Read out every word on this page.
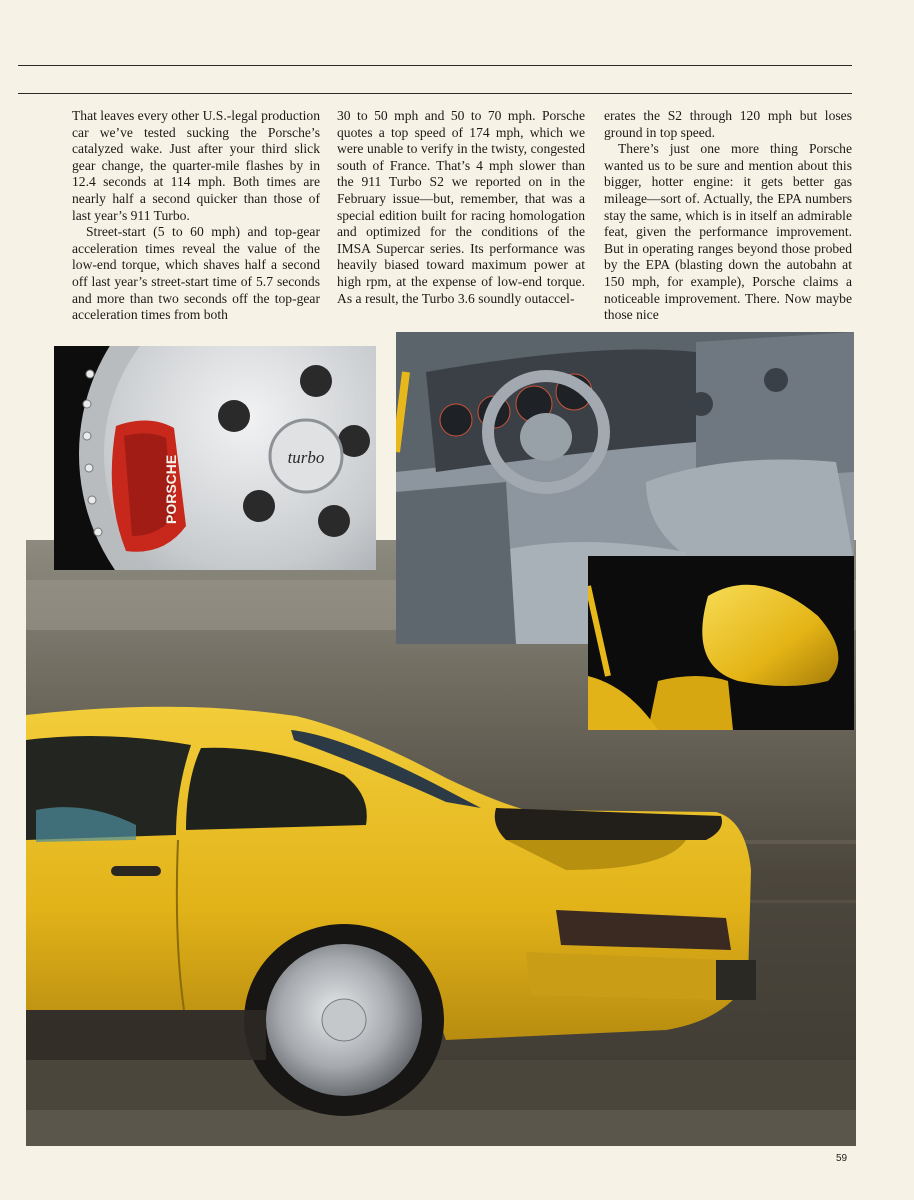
That leaves every other U.S.-legal production car we’ve tested sucking the Porsche’s catalyzed wake. Just after your third slick gear change, the quarter-mile flashes by in 12.4 seconds at 114 mph. Both times are nearly half a second quicker than those of last year’s 911 Turbo.

Street-start (5 to 60 mph) and top-gear acceleration times reveal the value of the low-end torque, which shaves half a second off last year’s street-start time of 5.7 seconds and more than two seconds off the top-gear acceleration times from both

30 to 50 mph and 50 to 70 mph. Porsche quotes a top speed of 174 mph, which we were unable to verify in the twisty, congested south of France. That’s 4 mph slower than the 911 Turbo S2 we reported on in the February issue—but, remember, that was a special edition built for racing homologation and optimized for the conditions of the IMSA Supercar series. Its performance was heavily biased toward maximum power at high rpm, at the expense of low-end torque. As a result, the Turbo 3.6 soundly outaccel-

erates the S2 through 120 mph but loses ground in top speed.

There’s just one more thing Porsche wanted us to be sure and mention about this bigger, hotter engine: it gets better gas mileage—sort of. Actually, the EPA numbers stay the same, which is in itself an admirable feat, given the performance improvement. But in operating ranges beyond those probed by the EPA (blasting down the autobahn at 150 mph, for example), Porsche claims a noticeable improvement. There. Now maybe those nice

PORSCHE	turbo
59
